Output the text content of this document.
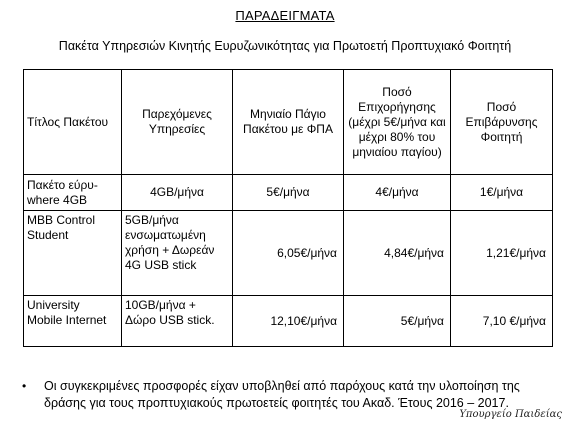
ΠΑΡΑΔΕΙΓΜΑΤΑ
Πακέτα Υπηρεσιών Κινητής Ευρυζωνικότητας για Πρωτοετή Προπτυχιακό Φοιτητή
Τίτλος Πακέτου	Παρεχόμενες Υπηρεσίες	Μηνιαίο Πάγιο Πακέτου με ΦΠΑ	Ποσό Επιχορήγησης (μέχρι 5€/μήνα και μέχρι 80% του μηνιαίου παγίου)	Ποσό Επιβάρυνσης Φοιτητή
Πακέτο εύρυ-where 4GB	4GB/μήνα	5€/μήνα	4€/μήνα	1€/μήνα
MBB Control Student	5GB/μήνα ενσωματωμένη χρήση + Δωρεάν 4G USB stick	6,05€/μήνα	4,84€/μήνα	1,21€/μήνα
University Mobile Internet	10GB/μήνα + Δώρο USB stick.	12,10€/μήνα	5€/μήνα	7,10 €/μήνα
•	Οι συγκεκριμένες προσφορές είχαν υποβληθεί από παρόχους κατά την υλοποίηση της δράσης για τους προπτυχιακούς πρωτοετείς φοιτητές του Ακαδ. Έτους 2016 – 2017.
Υπουργείο Παιδείας
